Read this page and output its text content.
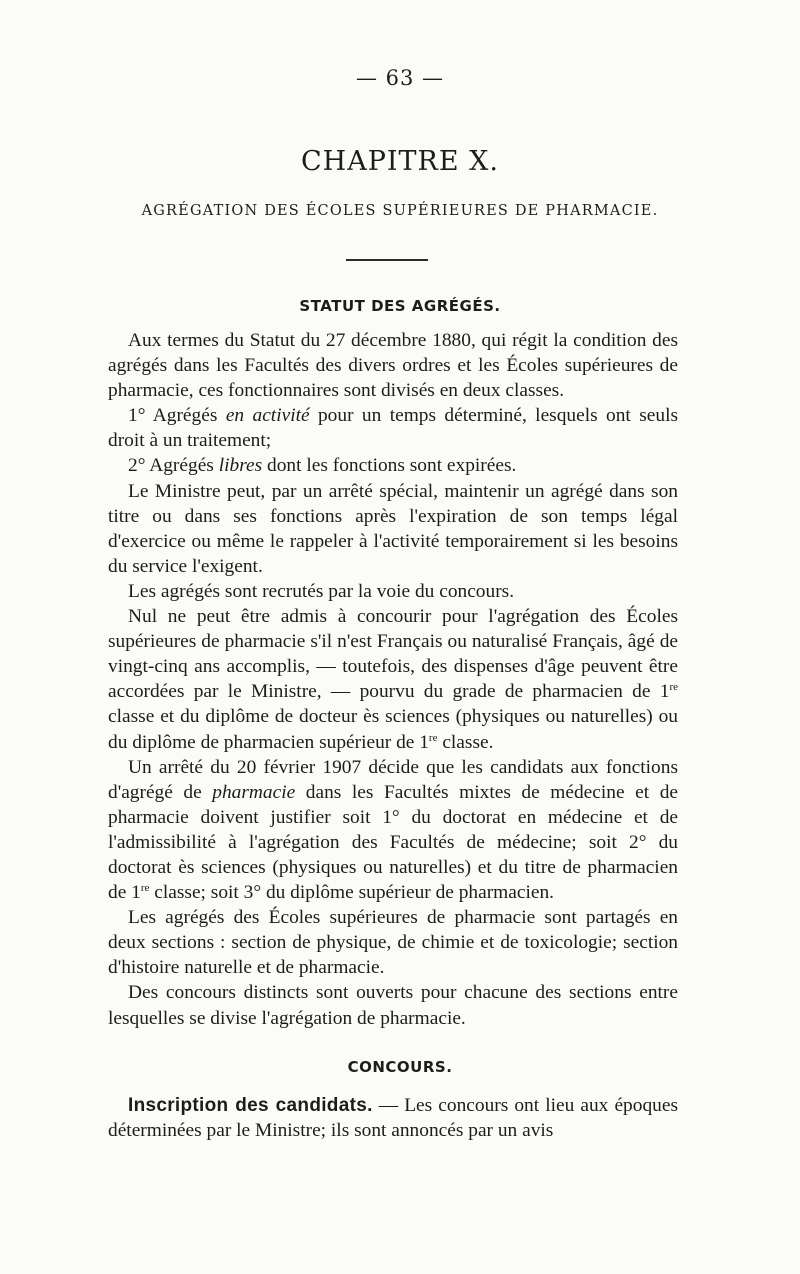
— 63 —
CHAPITRE X.
AGRÉGATION DES ÉCOLES SUPÉRIEURES DE PHARMACIE.
STATUT DES AGRÉGÉS.

Aux termes du Statut du 27 décembre 1880, qui régit la condition des agrégés dans les Facultés des divers ordres et les Écoles supérieures de pharmacie, ces fonctionnaires sont divisés en deux classes.

1° Agrégés en activité pour un temps déterminé, lesquels ont seuls droit à un traitement;

2° Agrégés libres dont les fonctions sont expirées.

Le Ministre peut, par un arrêté spécial, maintenir un agrégé dans son titre ou dans ses fonctions après l'expiration de son temps légal d'exercice ou même le rappeler à l'activité temporairement si les besoins du service l'exigent.

Les agrégés sont recrutés par la voie du concours.

Nul ne peut être admis à concourir pour l'agrégation des Écoles supérieures de pharmacie s'il n'est Français ou naturalisé Français, âgé de vingt-cinq ans accomplis, — toutefois, des dispenses d'âge peuvent être accordées par le Ministre, — pourvu du grade de pharmacien de 1re classe et du diplôme de docteur ès sciences (physiques ou naturelles) ou du diplôme de pharmacien supérieur de 1re classe.

Un arrêté du 20 février 1907 décide que les candidats aux fonctions d'agrégé de pharmacie dans les Facultés mixtes de médecine et de pharmacie doivent justifier soit 1° du doctorat en médecine et de l'admissibilité à l'agrégation des Facultés de médecine; soit 2° du doctorat ès sciences (physiques ou naturelles) et du titre de pharmacien de 1re classe; soit 3° du diplôme supérieur de pharmacien.

Les agrégés des Écoles supérieures de pharmacie sont partagés en deux sections : section de physique, de chimie et de toxicologie; section d'histoire naturelle et de pharmacie.

Des concours distincts sont ouverts pour chacune des sections entre lesquelles se divise l'agrégation de pharmacie.

CONCOURS.

Inscription des candidats. — Les concours ont lieu aux époques déterminées par le Ministre; ils sont annoncés par un avis
